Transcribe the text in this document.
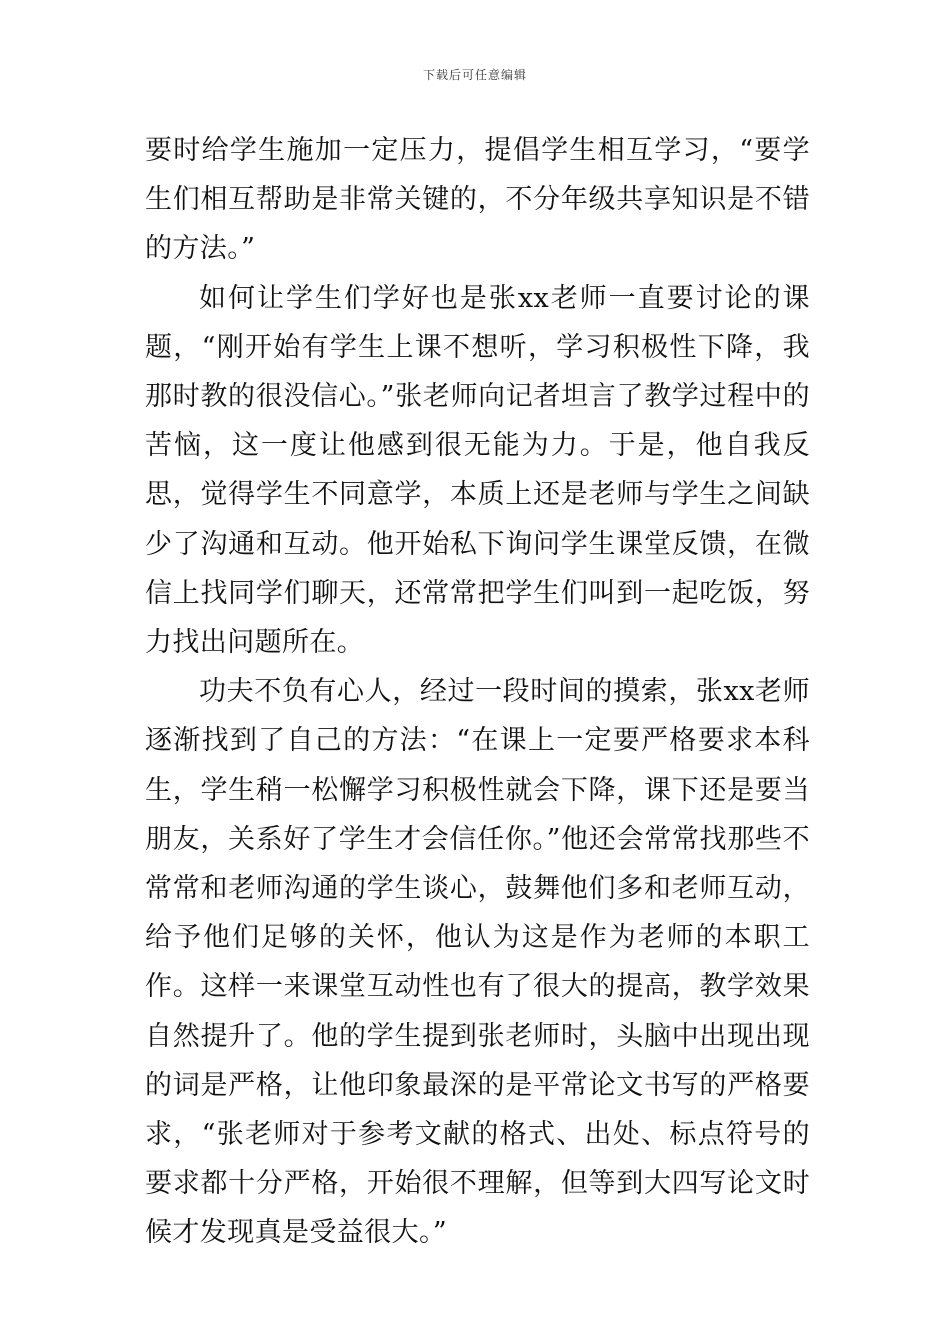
下载后可任意编辑

要时给学生施加一定压力，提倡学生相互学习，“要学生们相互帮助是非常关键的，不分年级共享知识是不错的方法。”

如何让学生们学好也是张xx老师一直要讨论的课题，“刚开始有学生上课不想听，学习积极性下降，我那时教的很没信心。”张老师向记者坦言了教学过程中的苦恼，这一度让他感到很无能为力。于是，他自我反思，觉得学生不同意学，本质上还是老师与学生之间缺少了沟通和互动。他开始私下询问学生课堂反馈，在微信上找同学们聊天，还常常把学生们叫到一起吃饭，努力找出问题所在。

功夫不负有心人，经过一段时间的摸索，张xx老师逐渐找到了自己的方法：“在课上一定要严格要求本科生，学生稍一松懈学习积极性就会下降，课下还是要当朋友，关系好了学生才会信任你。”他还会常常找那些不常常和老师沟通的学生谈心，鼓舞他们多和老师互动，给予他们足够的关怀，他认为这是作为老师的本职工作。这样一来课堂互动性也有了很大的提高，教学效果自然提升了。他的学生提到张老师时，头脑中出现出现的词是严格，让他印象最深的是平常论文书写的严格要求，“张老师对于参考文献的格式、出处、标点符号的要求都十分严格，开始很不理解，但等到大四写论文时候才发现真是受益很大。”
